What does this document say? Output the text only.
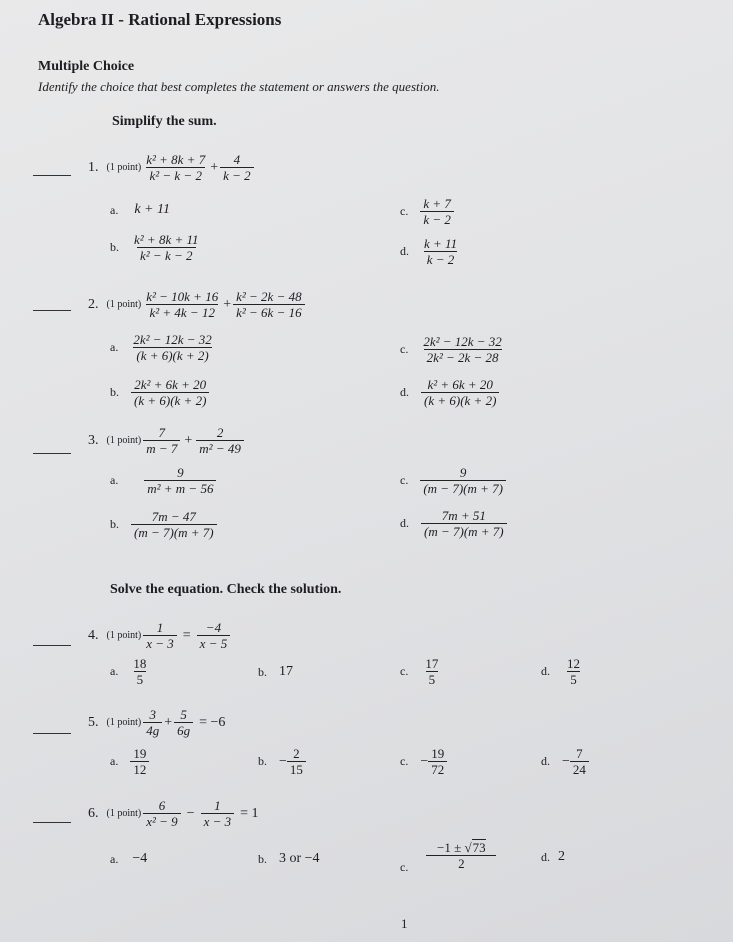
Algebra II - Rational Expressions
Multiple Choice
Identify the choice that best completes the statement or answers the question.
Simplify the sum.
1. (1 point) $\frac{\text{k² + 8k + 7}}{\text{k² − k − 2}} + \frac{4}{k - 2}$
a. k + 11
b. $\frac{\text{k² + 8k + 11}}{\text{k² − k − 2}}$
c. $\frac{k + 7}{k - 2}$
d. $\frac{k + 11}{k - 2}$
2. (1 point) $\frac{\text{k² − 10k + 16}}{\text{k² + 4k − 12}} + \frac{\text{k² − 2k − 48}}{\text{k² − 6k − 16}}$
a. $\frac{\text{2k² − 12k − 32}}{(k + 6)(k + 2)}$
b. $\frac{\text{2k² + 6k + 20}}{(k + 6)(k + 2)}$
c. $\frac{\text{2k² − 12k − 32}}{\text{2k² − 2k − 28}}$
d. $\frac{\text{k² + 6k + 20}}{(k + 6)(k + 2)}$
3. (1 point) $\frac{7}{m - 7} + \frac{2}{\text{m² − 49}}$
a. $\frac{9}{\text{m² + m − 56}}$
b. $\frac{7m - 47}{(m - 7)(m + 7)}$
c. $\frac{9}{(m - 7)(m + 7)}$
d. $\frac{7m + 51}{(m - 7)(m + 7)}$
Solve the equation. Check the solution.
4. (1 point) $\frac{1}{x - 3} = \frac{-4}{x - 5}$
a. $\frac{18}{5}$	b. 17	c. $\frac{17}{5}$	d. $\frac{12}{5}$
5. (1 point) $\frac{3}{4g} + \frac{5}{6g} = -6$
a. $\frac{19}{12}$	b. − $\frac{2}{15}$	c. − $\frac{19}{72}$	d. − $\frac{7}{24}$
6. (1 point) $\frac{6}{\text{x² − 9}} - \frac{1}{x - 3} = 1$
a. −4	b. 3 or −4
c. $\frac{-1 \pm √73}{2}$	d. 2
1
